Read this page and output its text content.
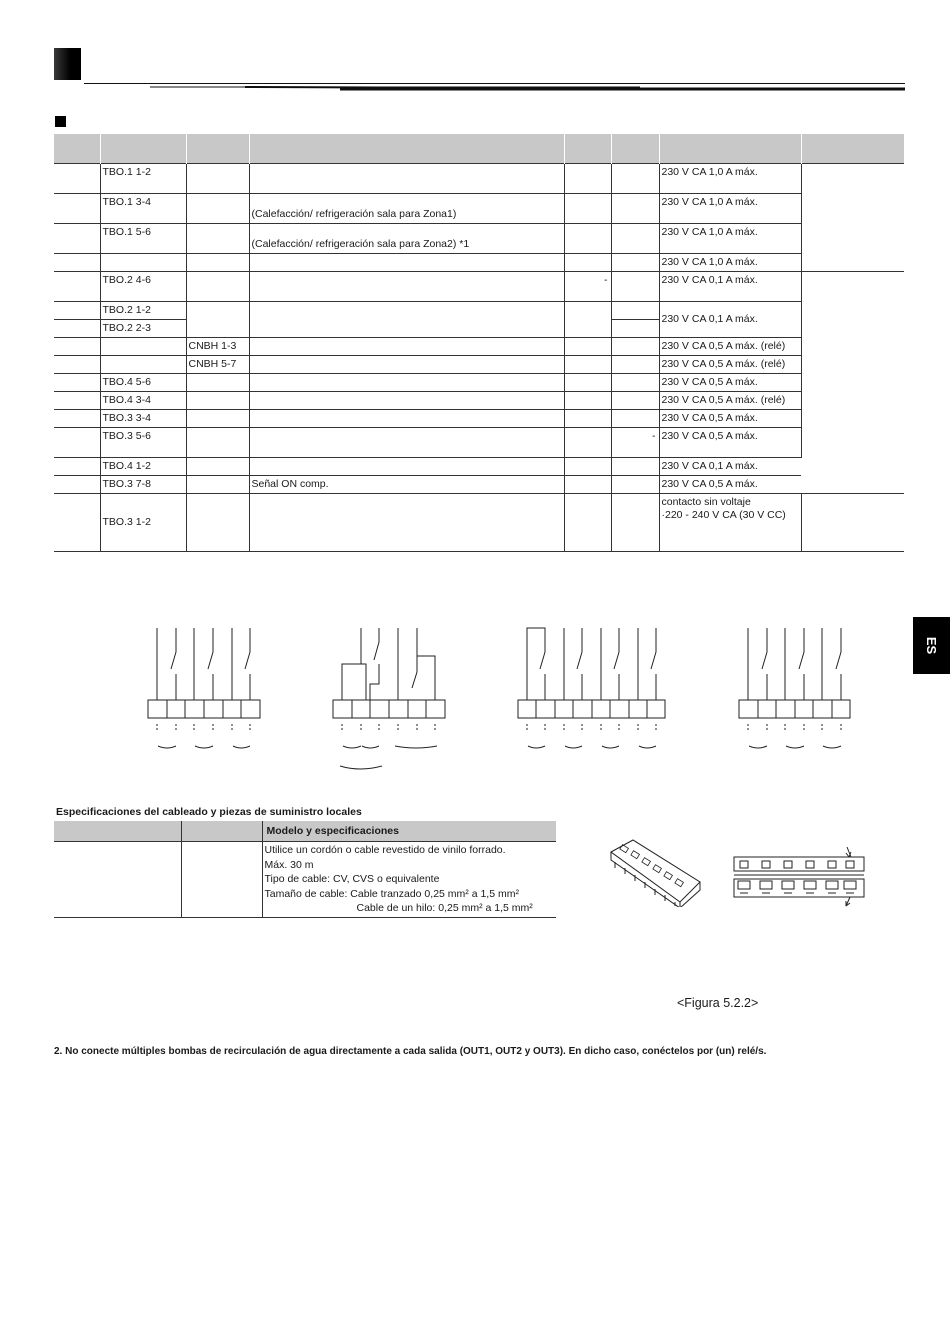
	TBO.1 1-2					230 V CA 1,0 A máx.	
	TBO.1 3-4		(Calefacción/ refrigeración sala para Zona1)			230 V CA 1,0 A máx.	
	TBO.1 5-6		(Calefacción/ refrigeración sala para Zona2) *1			230 V CA 1,0 A máx.	
						230 V CA 1,0 A máx.	
	TBO.2 4-6			-		230 V CA 0,1 A máx.	
	TBO.2 1-2					230 V CA 0,1 A máx.	
	TBO.2 2-3						
		CNBH 1-3				230 V CA 0,5 A máx. (relé)	
		CNBH 5-7				230 V CA 0,5 A máx. (relé)	
	TBO.4 5-6					230 V CA 0,5 A máx.	
	TBO.4 3-4					230 V CA 0,5 A máx. (relé)	
	TBO.3 3-4					230 V CA 0,5 A máx.	
	TBO.3 5-6				-	230 V CA 0,5 A máx.	
	TBO.4 1-2					230 V CA 0,1 A máx.	
	TBO.3 7-8		Señal ON comp.			230 V CA 0,5 A máx.	
	TBO.3 1-2					contacto sin voltaje
·220 - 240 V CA (30 V CC)	

ES
Especificaciones del cableado y piezas de suministro locales
		Modelo y especificaciones

		Utilice un cordón o cable revestido de vinilo forrado.
Máx. 30 m
Tipo de cable: CV, CVS o equivalente
Tamaño de cable: Cable tranzado 0,25 mm² a 1,5 mm²
Cable de un hilo: 0,25 mm² a 1,5 mm²
<Figura 5.2.2>
2. No conecte múltiples bombas de recirculación de agua directamente a cada salida (OUT1, OUT2 y OUT3). En dicho caso, conéctelos por (un) relé/s.
